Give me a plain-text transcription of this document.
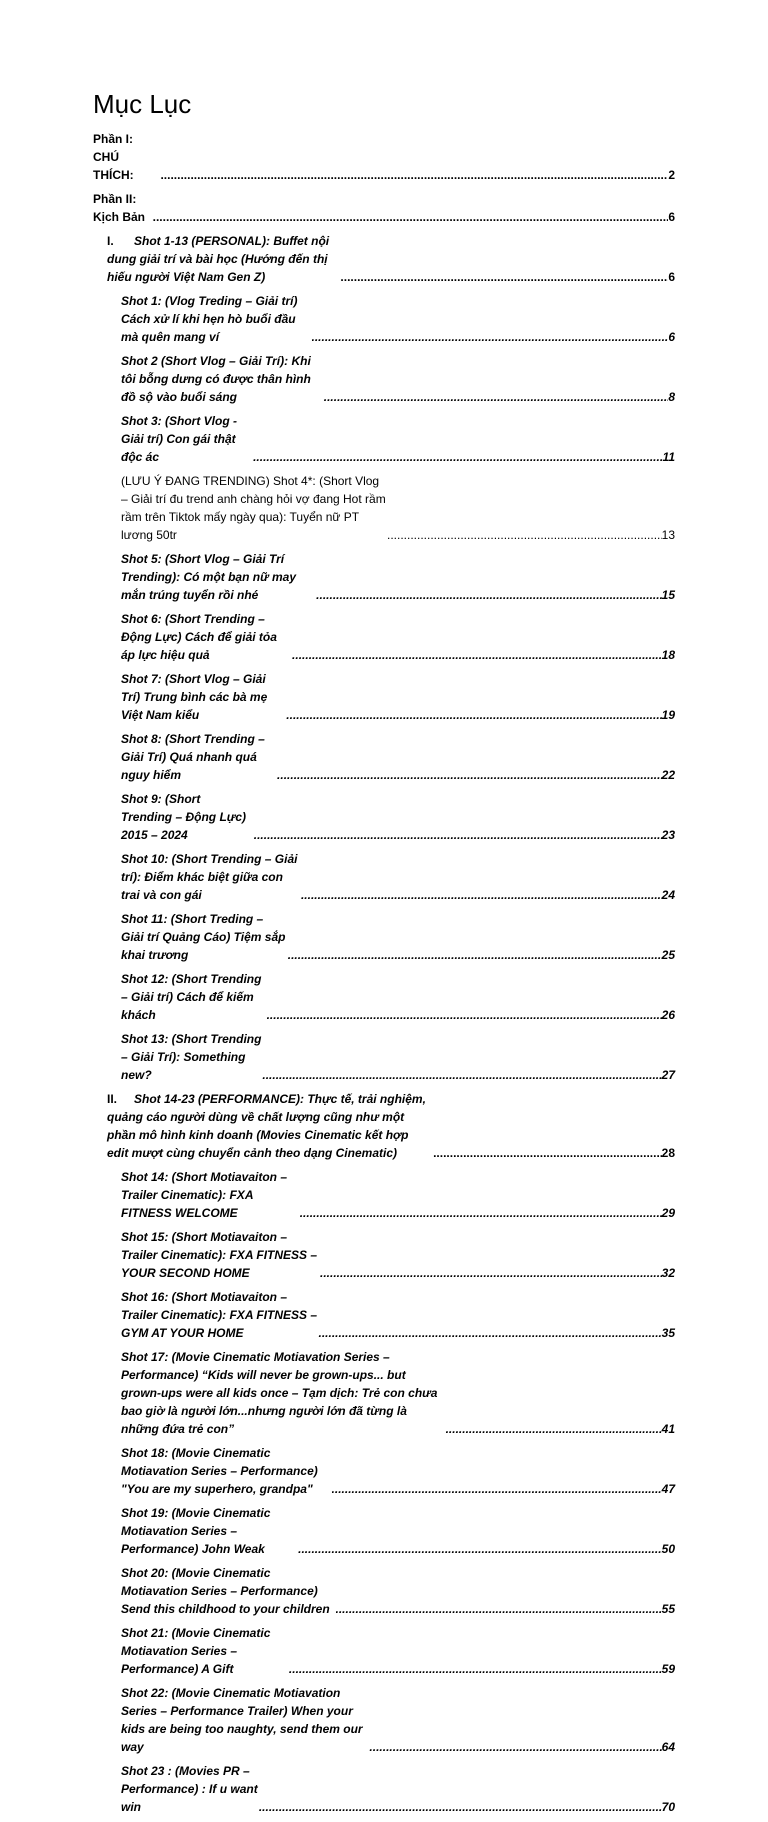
Mục Lục
Phần I: CHÚ THÍCH: .....	2
Phần II: Kịch Bản .....	6
I. Shot 1-13 (PERSONAL): Buffet nội dung giải trí và bài học (Hướng đến thị hiếu người Việt Nam Gen Z) .....	6
Shot 1: (Vlog Treding – Giải trí) Cách xử lí khi hẹn hò buổi đầu mà quên mang ví .....	6
Shot 2 (Short Vlog – Giải Trí): Khi tôi bỗng dưng có được thân hình đồ sộ vào buổi sáng .....	8
Shot 3: (Short Vlog - Giải trí) Con gái thật độc ác .....	11
(LƯU Ý ĐANG TRENDING) Shot 4*: (Short Vlog – Giải trí đu trend anh chàng hỏi vợ đang Hot rầm rầm trên Tiktok mấy ngày qua): Tuyển nữ PT lương 50tr .....	13
Shot 5: (Short Vlog – Giải Trí Trending): Có một bạn nữ may mắn trúng tuyển rồi nhé .....	15
Shot 6: (Short Trending – Động Lực) Cách để giải tỏa áp lực hiệu quả .....	18
Shot 7: (Short Vlog – Giải Trí) Trung bình các bà mẹ Việt Nam kiểu .....	19
Shot 8: (Short Trending – Giải Trí) Quá nhanh quá nguy hiểm .....	22
Shot 9: (Short Trending – Động Lực) 2015 – 2024 .....	23
Shot 10: (Short Trending – Giải trí): Điểm khác biệt giữa con trai và con gái .....	24
Shot 11: (Short Treding – Giải trí Quảng Cáo) Tiệm sắp khai trương .....	25
Shot 12: (Short Trending – Giải trí) Cách để kiếm khách .....	26
Shot 13: (Short Trending – Giải Trí): Something new? .....	27
II. Shot 14-23 (PERFORMANCE): Thực tế, trải nghiệm, quảng cáo người dùng về chất lượng cũng như một phần mô hình kinh doanh (Movies Cinematic kết hợp edit mượt cùng chuyển cảnh theo dạng Cinematic) .....	28
Shot 14: (Short Motiavaiton – Trailer Cinematic): FXA FITNESS WELCOME .....	29
Shot 15: (Short Motiavaiton – Trailer Cinematic): FXA FITNESS – YOUR SECOND HOME .....	32
Shot 16: (Short Motiavaiton – Trailer Cinematic): FXA FITNESS – GYM AT YOUR HOME .....	35
Shot 17: (Movie Cinematic Motiavation Series – Performance) “Kids will never be grown-ups... but grown-ups were all kids once – Tạm dịch: Trẻ con chưa bao giờ là người lớn...nhưng người lớn đã từng là những đứa trẻ con” .....	41
Shot 18: (Movie Cinematic Motiavation Series – Performance) "You are my superhero, grandpa" .....	47
Shot 19: (Movie Cinematic Motiavation Series – Performance) John Weak .....	50
Shot 20: (Movie Cinematic Motiavation Series – Performance) Send this childhood to your children .....	55
Shot 21: (Movie Cinematic Motiavation Series – Performance) A Gift .....	59
Shot 22: (Movie Cinematic Motiavation Series – Performance Trailer) When your kids are being too naughty, send them our way .....	64
Shot 23 : (Movies PR – Performance) : If u want win .....	70
